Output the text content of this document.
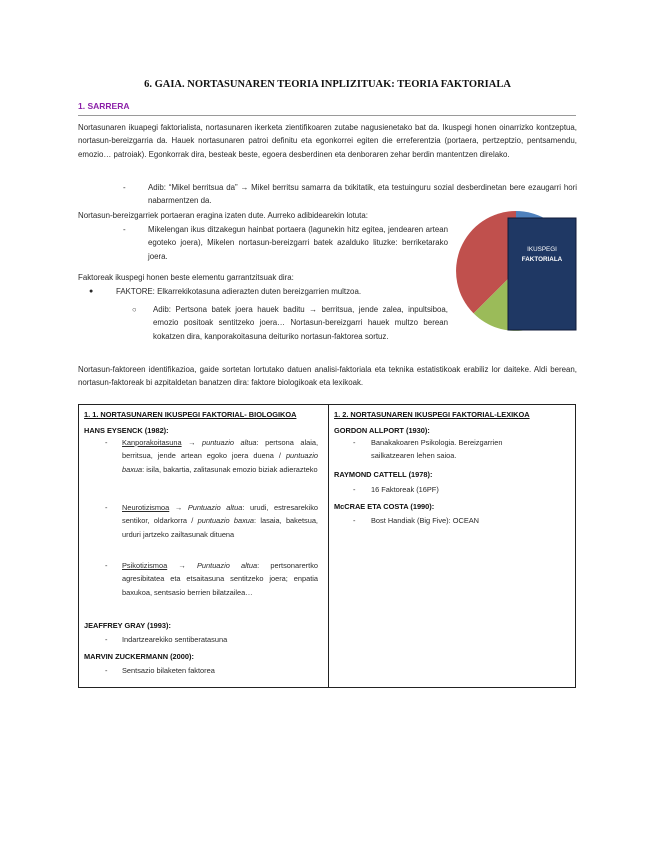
6. GAIA. NORTASUNAREN TEORIA INPLIZITUAK: TEORIA FAKTORIALA
1. SARRERA

Nortasunaren ikuapegi faktorialista, nortasunaren ikerketa zientifikoaren zutabe nagusienetako bat da. Ikuspegi honen oinarrizko kontzeptua, nortasun-bereizgarria da. Hauek nortasunaren patroi definitu eta egonkorrei egiten die erreferentzia (portaera, pertzeptzio, pentsamendu, emozio… patroiak). Egonkorrak dira, besteak beste, egoera desberdinen eta denboraren zehar berdin mantentzen direlako.

-	Adib: “Mikel berritsua da” → Mikel berritsu samarra da txikitatik, eta testuinguru sozial desberdinetan bere ezaugarri hori nabarmentzen da.

Nortasun-bereizgarriek portaeran eragina izaten dute. Aurreko adibidearekin lotuta:

-	Mikelengan ikus ditzakegun hainbat portaera (lagunekin hitz egitea, jendearen artean egoteko joera), Mikelen nortasun-bereizgarri batek azalduko lituzke: berriketarako joera.

Faktoreak ikuspegi honen beste elementu garrantzitsuak dira:

●	FAKTORE: Elkarrekikotasuna adierazten duten bereizgarrien multzoa.

○ Adib: Pertsona batek joera hauek baditu → berritsua, jende zalea, inpultsiboa, emozio positoak sentitzeko joera… Nortasun-bereizgarri hauek multzo berean kokatzen dira, kanporakoitasuna deituriko nortasun-faktorea sortuz.

IKUSPEGI
FAKTORIALA

Nortasun-faktoreen identifikazioa, gaide sortetan lortutako datuen analisi-faktoriala eta teknika estatistikoak erabiliz lor daiteke. Aldi berean, nortasun-faktoreak bi azpitaldetan banatzen dira: faktore biologikoak eta lexikoak.

1. 1. NORTASUNAREN IKUSPEGI FAKTORIAL- BIOLOGIKOA
HANS EYSENCK (1982):
- Kanporakoitasuna → puntuazio altua: pertsona alaia, berritsua, jende artean egoko joera duena / puntuazio baxua: isila, bakartia, zalitasunak emozio biziak adierazteko

- Neurotizismoa → Puntuazio altua: urudi, estresarekiko sentikor, oldarkorra / puntuazio baxua: lasaia, baketsua, urduri jartzeko zailtasunak dituena

- Psikotizismoa → Puntuazio altua: pertsonarertko agresibitatea eta etsaitasuna sentitzeko joera; enpatia baxukoa, sentsasio berrien bilatzailea…

JEAFFREY GRAY (1993):
- Indartzearekiko sentiberatasuna

MARVIN ZUCKERMANN (2000):
- Sentsazio bilaketen faktorea

1. 2. NORTASUNAREN IKUSPEGI FAKTORIAL-LEXIKOA
GORDON ALLPORT (1930):
- Banakakoaren Psikologia. Bereizgarrien sailkatzearen lehen saioa.

RAYMOND CATTELL (1978):
- 16 Faktoreak (16PF)

McCRAE ETA COSTA (1990):
- Bost Handiak (Big Five): OCEAN
